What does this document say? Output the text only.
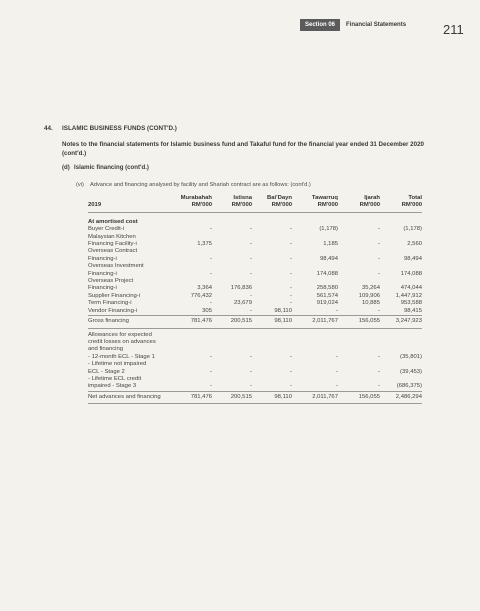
Section 06	Financial Statements	211
44. ISLAMIC BUSINESS FUNDS (CONT'D.)
Notes to the financial statements for Islamic business fund and Takaful fund for the financial year ended 31 December 2020 (cont'd.)
(d) Islamic financing (cont'd.)
(vi) Advance and financing analysed by facility and Shariah contract are as follows: (cont'd.)
	Murabahah	Istisna	Bai'Dayn	Tawarruq	Ijarah	Total
2019	RM'000	RM'000	RM'000	RM'000	RM'000	RM'000

At amortised cost						
Buyer Credit-i	-	-	-	(1,178)	-	(1,178)
Malaysian Kitchen						
Financing Facility-i	1,375	-	-	1,185	-	2,560
Overseas Contract						
Financing-i	-	-	-	98,494	-	98,494
Overseas Investment						
Financing-i	-	-	-	174,088	-	174,088
Overseas Project						
Financing-i	3,364	176,836	-	258,580	35,264	474,044
Supplier Financing-i	776,432	-	-	561,574	109,906	1,447,912
Term Financing-i	-	23,679	-	919,024	10,885	953,588
Vendor Financing-i	305	-	98,110	-	-	98,415
Gross financing	781,476	200,515	98,110	2,011,767	156,055	3,247,923

Allowances for expected						
credit losses on advances						
and financing						
- 12-month ECL - Stage 1	-	-	-	-	-	(35,801)
- Lifetime not impaired						
ECL - Stage 2	-	-	-	-	-	(39,453)
- Lifetime ECL credit						
impaired - Stage 3	-	-	-	-	-	(686,375)
Net advances and financing	781,476	200,515	98,110	2,011,767	156,055	2,486,294
